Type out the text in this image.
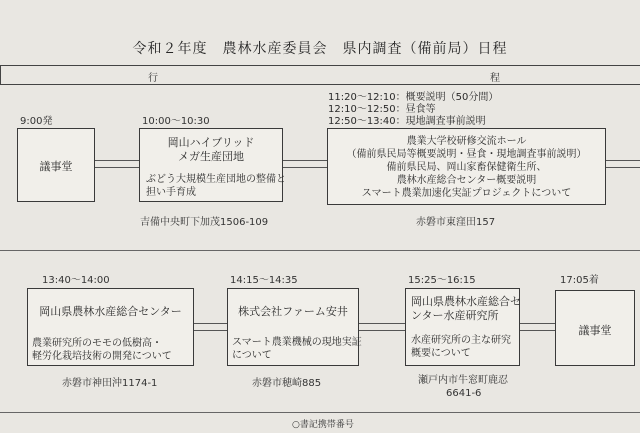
令和２年度　農林水産委員会　県内調査（備前局）日程
行	程
9:00発
議事堂
10:00～10:30
岡山ハイブリッド
メガ生産団地
ぶどう大規模生産団地の整備と
担い手育成
吉備中央町下加茂1506-109
11:20～12:10：概要説明（50分間）
12:10～12:50：昼食等
12:50～13:40：現地調査事前説明
農業大学校研修交流ホール
（備前県民局等概要説明・昼食・現地調査事前説明）
備前県民局、岡山家畜保健衛生所、
農林水産総合センター概要説明
スマート農業加速化実証プロジェクトについて
赤磐市東窪田157
13:40～14:00
岡山県農林水産総合センター
農業研究所のモモの低樹高・
軽労化栽培技術の開発について
赤磐市神田沖1174-1
14:15～14:35
株式会社ファーム安井
スマート農業機械の現地実証
について
赤磐市穂崎885
15:25～16:15
岡山県農林水産総合セ
ンター水産研究所
水産研究所の主な研究
概要について
瀬戸内市牛窓町鹿忍
6641-6
17:05着
議事堂
○書記携帯番号
